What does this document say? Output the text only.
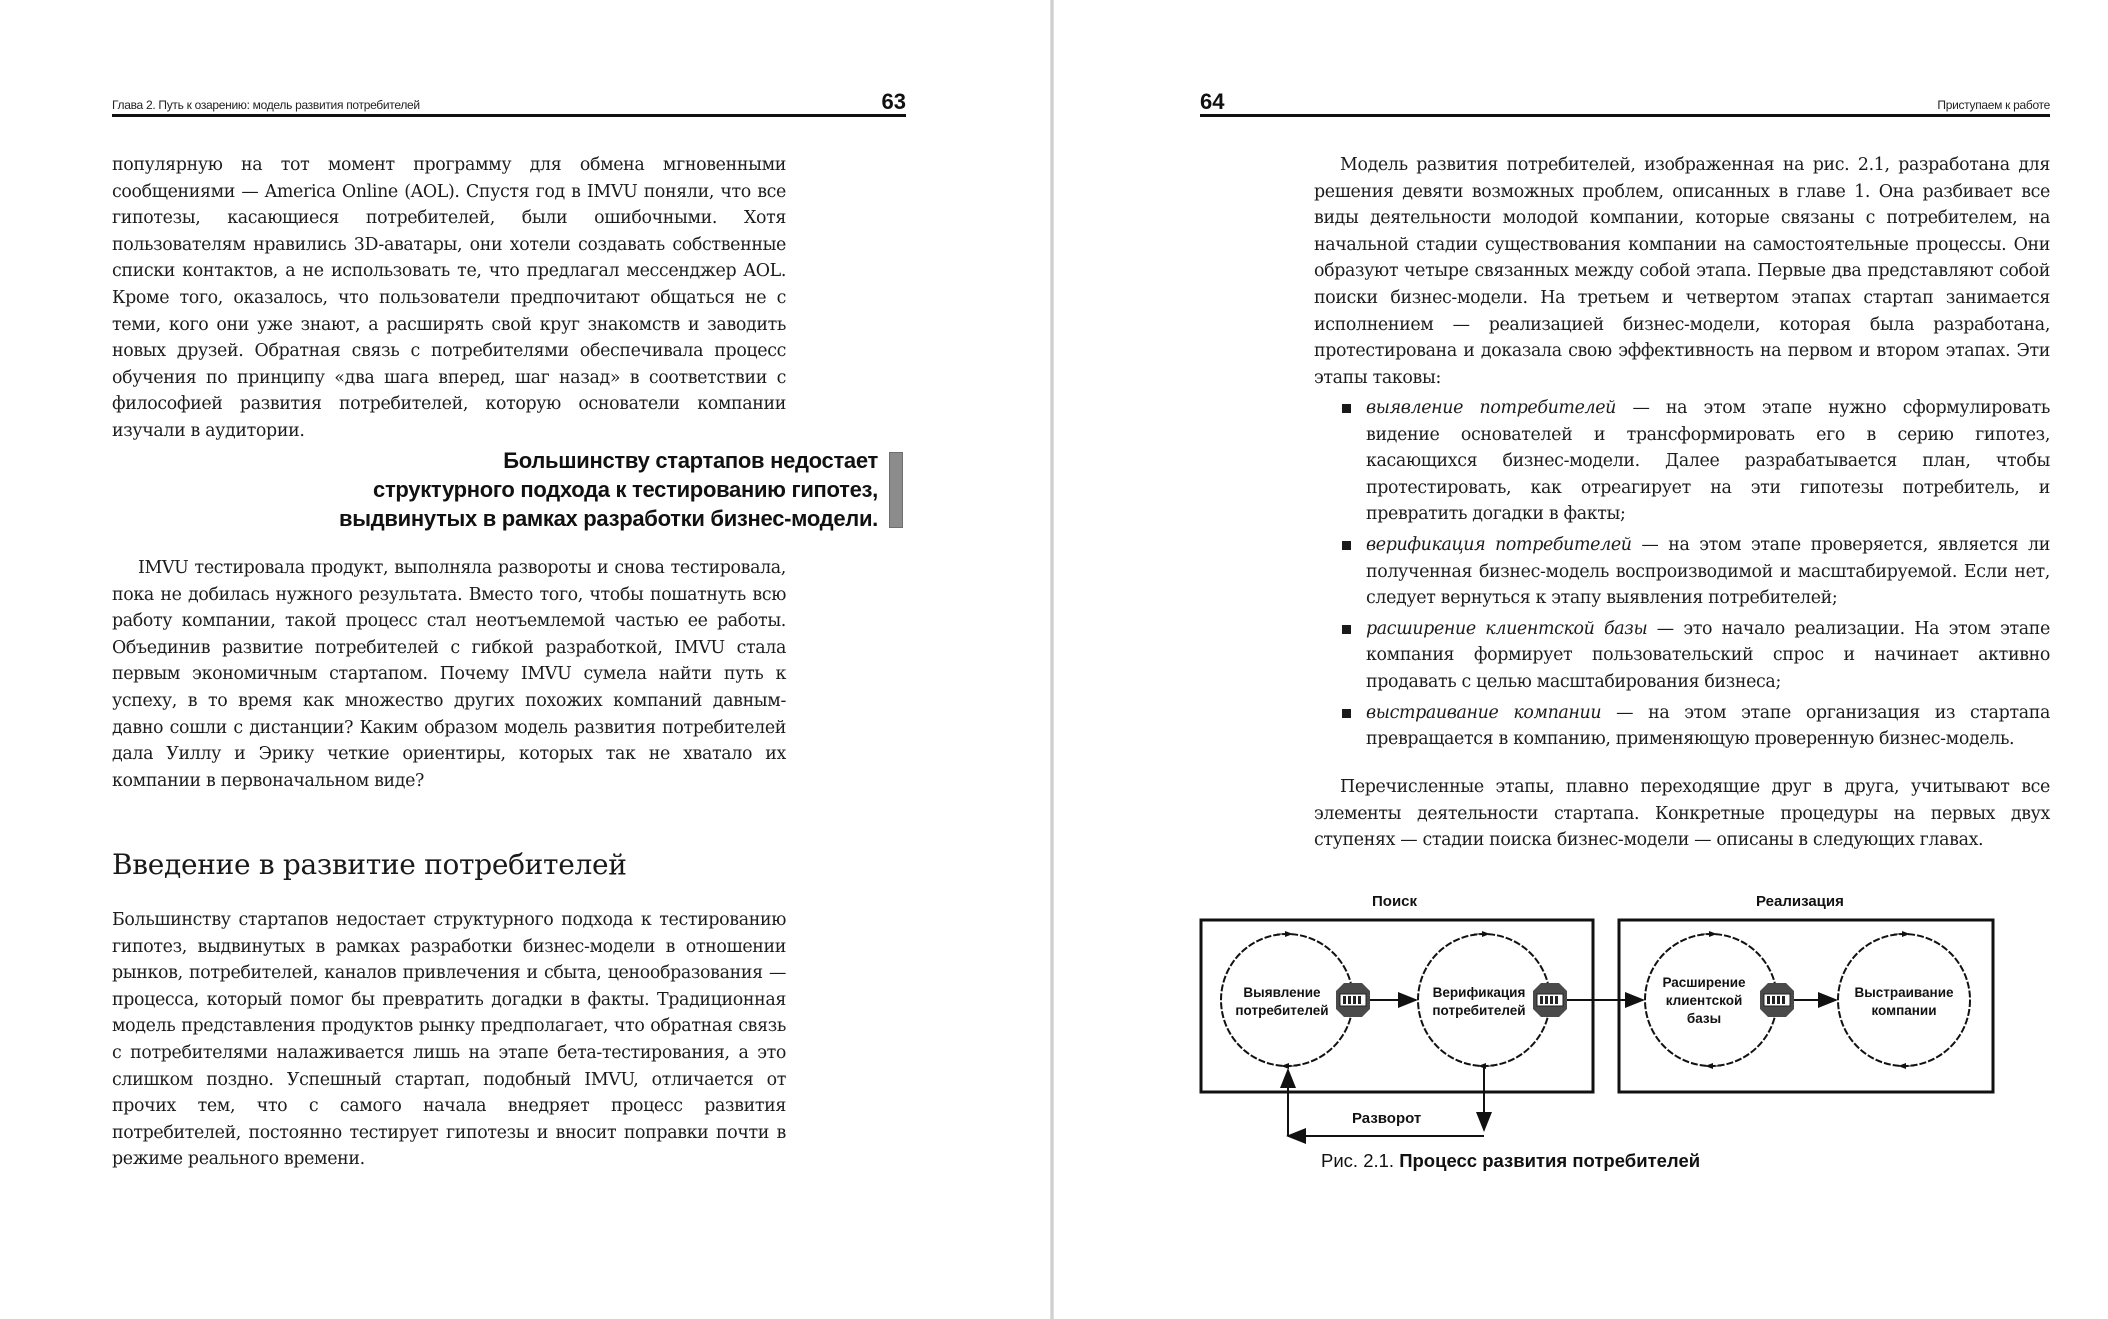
Глава 2. Путь к озарению: модель развития потребителей	63

популярную на тот момент программу для обмена мгновенными сообщениями — America Online (AOL). Спустя год в IMVU поняли, что все гипотезы, касающиеся потребителей, были ошибочными. Хотя пользователям нравились 3D-аватары, они хотели создавать собственные списки контактов, а не использовать те, что предлагал мессенджер AOL. Кроме того, оказалось, что пользователи предпочитают общаться не с теми, кого они уже знают, а расширять свой круг знакомств и заводить новых друзей. Обратная связь с потребителями обеспечивала процесс обучения по принципу «два шага вперед, шаг назад» в соответствии с философией развития потребителей, которую основатели компании изучали в аудитории.

Большинству стартапов недостает
структурного подхода к тестированию гипотез,
выдвинутых в рамках разработки бизнес-модели.

IMVU тестировала продукт, выполняла развороты и снова тестировала, пока не добилась нужного результата. Вместо того, чтобы пошатнуть всю работу компании, такой процесс стал неотъемлемой частью ее работы. Объединив развитие потребителей с гибкой разработкой, IMVU стала первым экономичным стартапом. Почему IMVU сумела найти путь к успеху, в то время как множество других похожих компаний давным-давно сошли с дистанции? Каким образом модель развития потребителей дала Уиллу и Эрику четкие ориентиры, которых так не хватало их компании в первоначальном виде?

Введение в развитие потребителей

Большинству стартапов недостает структурного подхода к тестированию гипотез, выдвинутых в рамках разработки бизнес-модели в отношении рынков, потребителей, каналов привлечения и сбыта, ценообразования — процесса, который помог бы превратить догадки в факты. Традиционная модель представления продуктов рынку предполагает, что обратная связь с потребителями налаживается лишь на этапе бета-тестирования, а это слишком поздно. Успешный стартап, подобный IMVU, отличается от прочих тем, что с самого начала внедряет процесс развития потребителей, постоянно тестирует гипотезы и вносит поправки почти в режиме реального времени.

64	Приступаем к работе

Модель развития потребителей, изображенная на рис. 2.1, разработана для решения девяти возможных проблем, описанных в главе 1. Она разбивает все виды деятельности молодой компании, которые связаны с потребителем, на начальной стадии существования компании на самостоятельные процессы. Они образуют четыре связанных между собой этапа. Первые два представляют собой поиски бизнес-модели. На третьем и четвертом этапах стартап занимается исполнением — реализацией бизнес-модели, которая была разработана, протестирована и доказала свою эффективность на первом и втором этапах. Эти этапы таковы:

выявление потребителей — на этом этапе нужно сформулировать видение основателей и трансформировать его в серию гипотез, касающихся бизнес-модели. Далее разрабатывается план, чтобы протестировать, как отреагирует на эти гипотезы потребитель, и превратить догадки в факты;
верификация потребителей — на этом этапе проверяется, является ли полученная бизнес-модель воспроизводимой и масштабируемой. Если нет, следует вернуться к этапу выявления потребителей;
расширение клиентской базы — это начало реализации. На этом этапе компания формирует пользовательский спрос и начинает активно продавать с целью масштабирования бизнеса;
выстраивание компании — на этом этапе организация из стартапа превращается в компанию, применяющую проверенную бизнес-модель.

Перечисленные этапы, плавно переходящие друг в друга, учитывают все элементы деятельности стартапа. Конкретные процедуры на первых двух ступенях — стадии поиска бизнес-модели — описаны в следующих главах.

Поиск	Реализация
Выявление
потребителей
Верификация
потребителей
Расширение
клиентской
базы
Выстраивание
компании
Разворот
Рис. 2.1. Процесс развития потребителей
